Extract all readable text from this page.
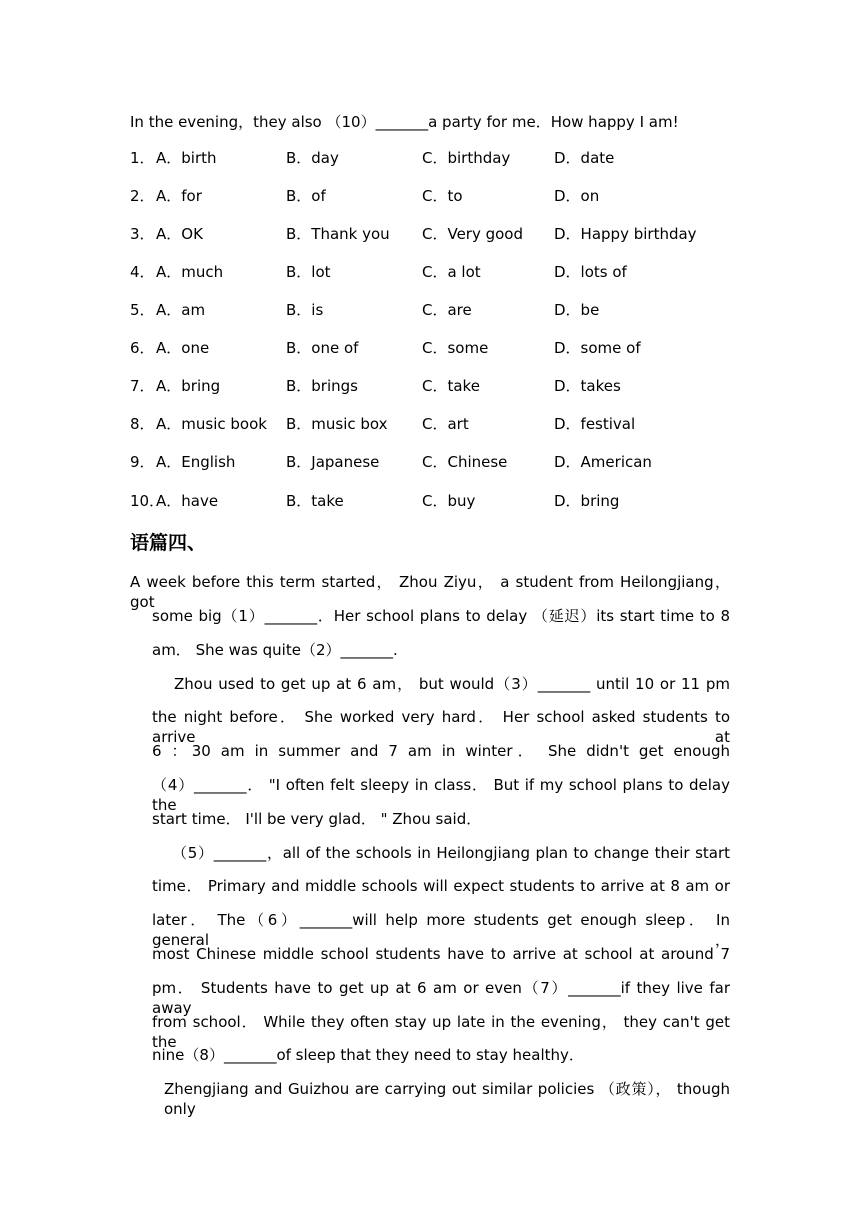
In the evening，they also （10）_______a party for me．How happy I am!
1． A．birth	B．day	C．birthday	D．date
2． A．for	B．of	C．to	D．on
3． A．OK	B．Thank you C．Very good D．Happy birthday
4． A．much	B．lot	C．a lot	D．lots of
5． A．am	B．is	C．are	D．be
6． A．one	B．one of	C．some	D．some of
7． A．bring	B．brings	C．take	D．takes
8． A．music book B．music box C．art	D．festival
9． A．English	B．Japanese	C．Chinese	D．American
10．
A．have	B．take	C．buy	D．bring
语篇四、
A week before this term started， Zhou Ziyu， a student from Heilongjiang， got
some big（1）_______．Her school plans to delay （延迟）its start time to 8
am． She was quite（2）_______.
Zhou used to get up at 6 am， but would（3）_______ until 10 or 11 pm
the night before． She worked very hard． Her school asked students to arrive at
6 ：30 am in summer and 7 am in winter． She didn't get enough
（4）_______． "I often felt sleepy in class． But if my school plans to delay the
start time． I'll be very glad． " Zhou said．
（5）_______，all of the schools in Heilongjiang plan to change their start
time． Primary and middle schools will expect students to arrive at 8 am or
later． The（6）_______will help more students get enough sleep． In general，
most Chinese middle school students have to arrive at school at around 7
pm． Students have to get up at 6 am or even（7）_______if they live far away
from school． While they often stay up late in the evening， they can't get the
nine（8）_______of sleep that they need to stay healthy．
Zhengjiang and Guizhou are carrying out similar policies （政策）， though only
